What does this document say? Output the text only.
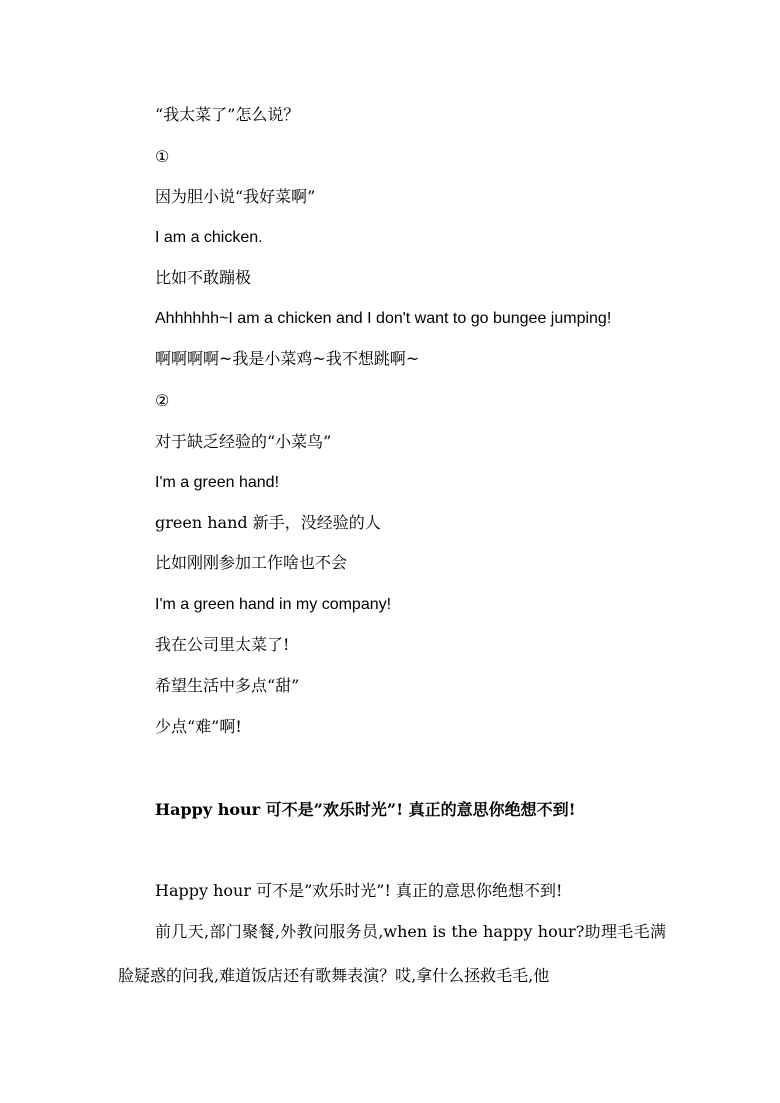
“我太菜了”怎么说？
①
因为胆小说“我好菜啊”
I am a chicken.
比如不敢蹦极
Ahhhhhh~I am a chicken and I don't want to go bungee jumping!
啊啊啊啊~我是小菜鸡~我不想跳啊~
②
对于缺乏经验的“小菜鸟”
I'm a green hand!
green hand 新手，没经验的人
比如刚刚参加工作啥也不会
I'm a green hand in my company!
我在公司里太菜了!
希望生活中多点“甜”
少点“难”啊!
Happy hour 可不是”欢乐时光”! 真正的意思你绝想不到!
Happy hour 可不是”欢乐时光”! 真正的意思你绝想不到!
前几天,部门聚餐,外教问服务员,when is the happy hour?助理毛毛满脸疑惑的问我,难道饭店还有歌舞表演？哎,拿什么拯救毛毛,他
